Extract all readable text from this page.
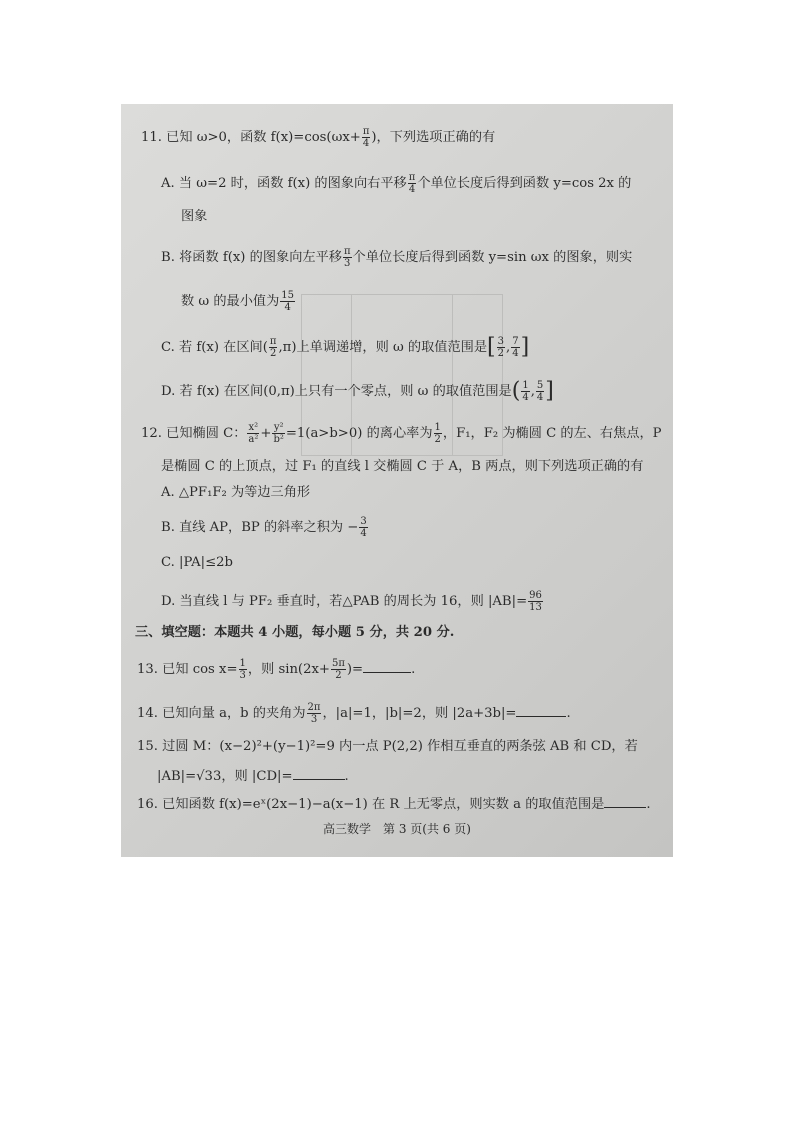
11. 已知 ω>0，函数 $f(x)=\cos(\omega x+ \frac{\pi}{4}$ )，下列选项正确的有
A. 当 ω=2 时，函数 f(x) 的图象向右平移 $\frac{\pi}{4}$ 个单位长度后得到函数 y=cos 2x 的
图象
B. 将函数 f(x) 的图象向左平移 $\frac{\pi}{3}$ 个单位长度后得到函数 y=sin ωx 的图象，则实
数 ω 的最小值为 $\frac{15}{4}$
C. 若 f(x) 在区间( $\frac{\pi}{2} ,\pi$)上单调递增，则 ω 的取值范围是[ $\frac{3}{2}$ , $\frac{7}{4}$ ]
D. 若 f(x) 在区间(0,π)上只有一个零点，则 ω 的取值范围是( $\frac{1}{4}$ , $\frac{5}{4}$ ]
12. 已知椭圆 C： $\frac{\text{x²}}{\text{a²}} + \frac{\text{y²}}{\text{b²}} =1(a>b>0)$ 的离心率为 $\frac{1}{2}$ ，F₁，F₂ 为椭圆 C 的左、右焦点，P
是椭圆 C 的上顶点，过 F₁ 的直线 l 交椭圆 C 于 A，B 两点，则下列选项正确的有
A. △PF₁F₂ 为等边三角形
B. 直线 AP，BP 的斜率之积为 − $\frac{3}{4}$
C. |PA|≤2b
D. 当直线 l 与 PF₂ 垂直时，若△PAB 的周长为 16，则 $|AB|= \frac{96}{13}$
三、填空题：本题共 4 小题，每小题 5 分，共 20 分.
13. 已知 $\cos x= \frac{1}{3}$ ，则 $\sin(2x+ \frac{5\pi}{2}$ )=	.
14. 已知向量 a，b 的夹角为 $\frac{2\pi}{3}$ ，|a|=1，|b|=2，则 |2a+3b|=	.
15. 过圆 M：(x−2)²+(y−1)²=9 内一点 P(2,2) 作相互垂直的两条弦 AB 和 CD，若
|AB|=√33，则 |CD|=	.
16. 已知函数 f(x)=eˣ(2x−1)−a(x−1) 在 R 上无零点，则实数 a 的取值范围是	.
高三数学　第 3 页(共 6 页)
